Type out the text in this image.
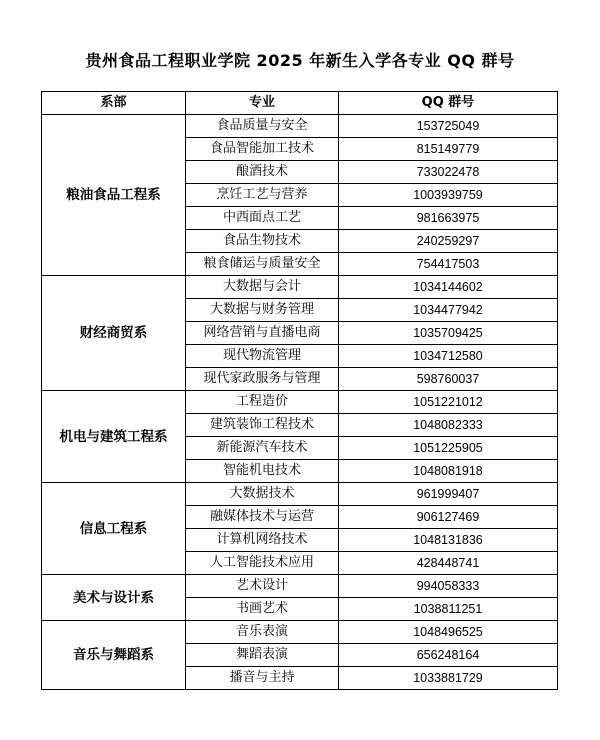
贵州食品工程职业学院 2025 年新生入学各专业 QQ 群号
系部	专业	QQ 群号
粮油食品工程系	食品质量与安全	153725049
	食品智能加工技术	815149779
	酿酒技术	733022478
	烹饪工艺与营养	1003939759
	中西面点工艺	981663975
	食品生物技术	240259297
	粮食储运与质量安全	754417503
财经商贸系	大数据与会计	1034144602
	大数据与财务管理	1034477942
	网络营销与直播电商	1035709425
	现代物流管理	1034712580
	现代家政服务与管理	598760037
机电与建筑工程系	工程造价	1051221012
	建筑装饰工程技术	1048082333
	新能源汽车技术	1051225905
	智能机电技术	1048081918
信息工程系	大数据技术	961999407
	融媒体技术与运营	906127469
	计算机网络技术	1048131836
	人工智能技术应用	428448741
美术与设计系	艺术设计	994058333
	书画艺术	1038811251
音乐与舞蹈系	音乐表演	1048496525
	舞蹈表演	656248164
	播音与主持	1033881729
